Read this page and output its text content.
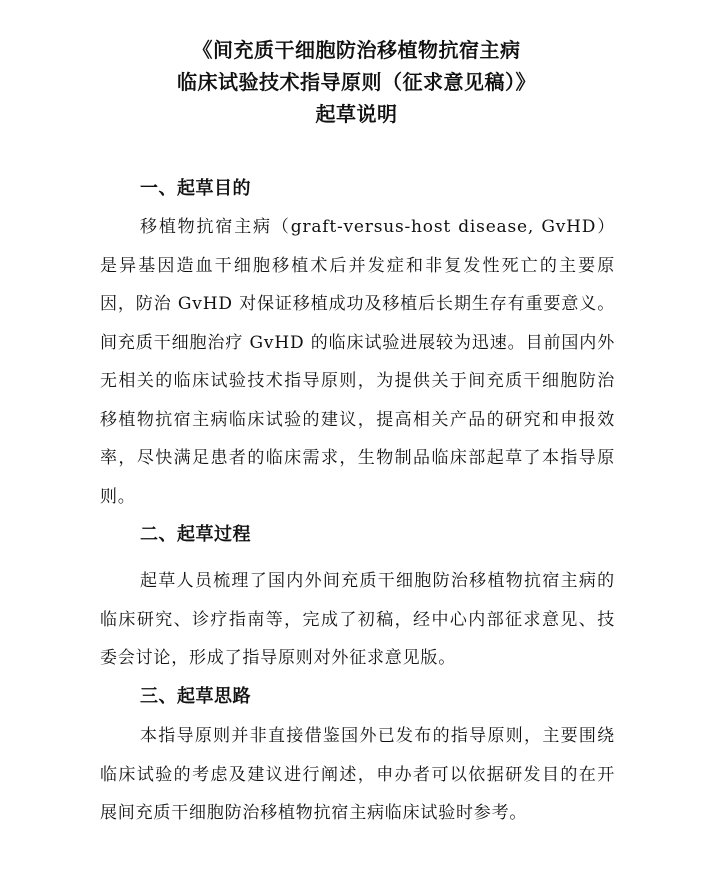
《间充质干细胞防治移植物抗宿主病
临床试验技术指导原则（征求意见稿）》
起草说明
一、起草目的

移植物抗宿主病（graft-versus-host disease, GvHD）是异基因造血干细胞移植术后并发症和非复发性死亡的主要原因，防治 GvHD 对保证移植成功及移植后长期生存有重要意义。间充质干细胞治疗 GvHD 的临床试验进展较为迅速。目前国内外无相关的临床试验技术指导原则，为提供关于间充质干细胞防治移植物抗宿主病临床试验的建议，提高相关产品的研究和申报效率，尽快满足患者的临床需求，生物制品临床部起草了本指导原则。

二、起草过程

起草人员梳理了国内外间充质干细胞防治移植物抗宿主病的临床研究、诊疗指南等，完成了初稿，经中心内部征求意见、技委会讨论，形成了指导原则对外征求意见版。

三、起草思路

本指导原则并非直接借鉴国外已发布的指导原则，主要围绕临床试验的考虑及建议进行阐述，申办者可以依据研发目的在开展间充质干细胞防治移植物抗宿主病临床试验时参考。
